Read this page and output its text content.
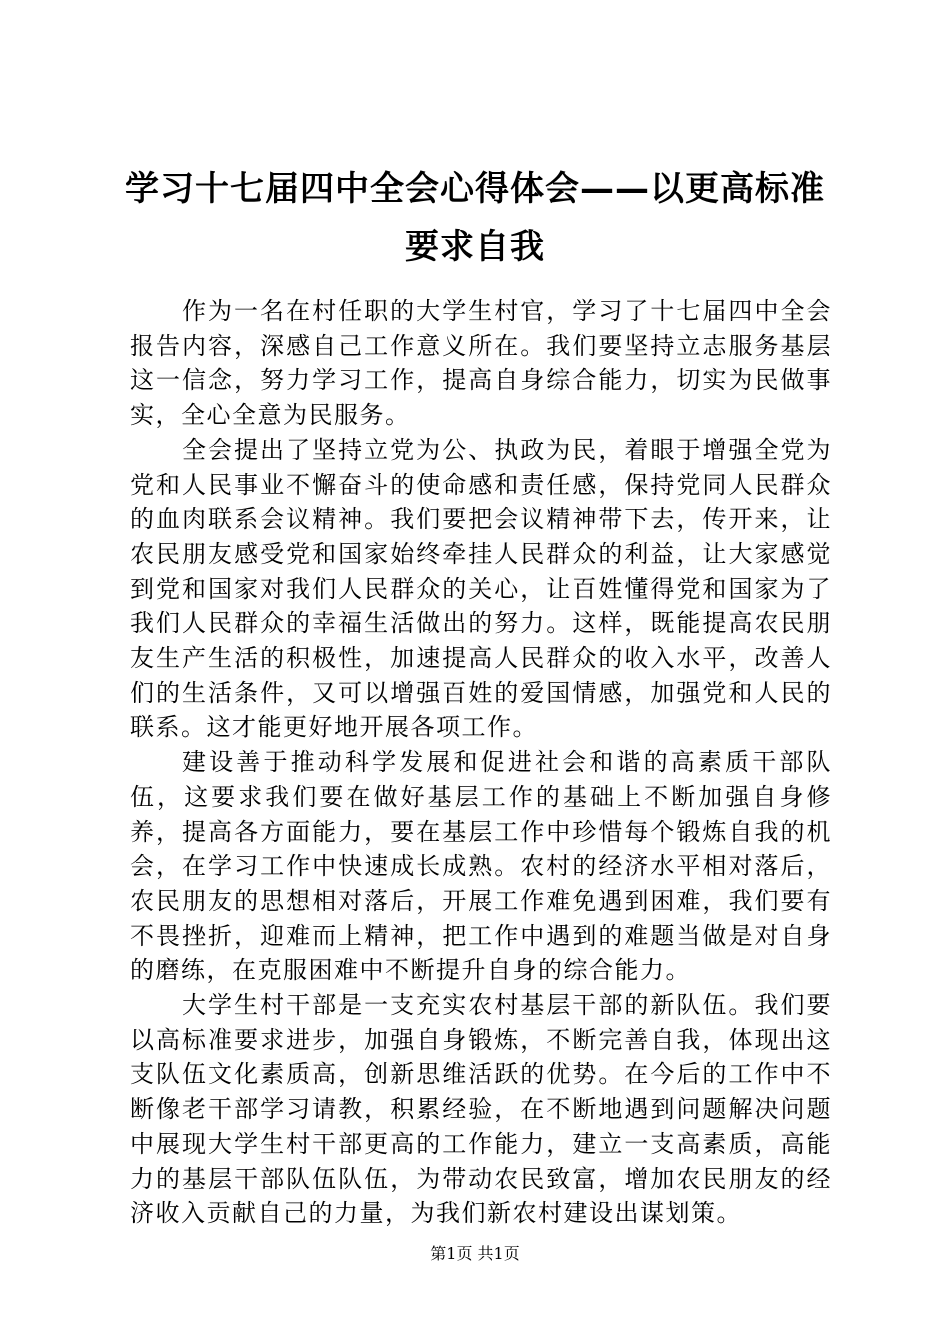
学习十七届四中全会心得体会——以更高标准要求自我

作为一名在村任职的大学生村官，学习了十七届四中全会报告内容，深感自己工作意义所在。我们要坚持立志服务基层这一信念，努力学习工作，提高自身综合能力，切实为民做事实，全心全意为民服务。

全会提出了坚持立党为公、执政为民，着眼于增强全党为党和人民事业不懈奋斗的使命感和责任感，保持党同人民群众的血肉联系会议精神。我们要把会议精神带下去，传开来，让农民朋友感受党和国家始终牵挂人民群众的利益，让大家感觉到党和国家对我们人民群众的关心，让百姓懂得党和国家为了我们人民群众的幸福生活做出的努力。这样，既能提高农民朋友生产生活的积极性，加速提高人民群众的收入水平，改善人们的生活条件，又可以增强百姓的爱国情感，加强党和人民的联系。这才能更好地开展各项工作。

建设善于推动科学发展和促进社会和谐的高素质干部队伍，这要求我们要在做好基层工作的基础上不断加强自身修养，提高各方面能力，要在基层工作中珍惜每个锻炼自我的机会，在学习工作中快速成长成熟。农村的经济水平相对落后，农民朋友的思想相对落后，开展工作难免遇到困难，我们要有不畏挫折，迎难而上精神，把工作中遇到的难题当做是对自身的磨练，在克服困难中不断提升自身的综合能力。

大学生村干部是一支充实农村基层干部的新队伍。我们要以高标准要求进步，加强自身锻炼，不断完善自我，体现出这支队伍文化素质高，创新思维活跃的优势。在今后的工作中不断像老干部学习请教，积累经验，在不断地遇到问题解决问题中展现大学生村干部更高的工作能力，建立一支高素质，高能力的基层干部队伍队伍，为带动农民致富，增加农民朋友的经济收入贡献自己的力量，为我们新农村建设出谋划策。

第1页 共1页
